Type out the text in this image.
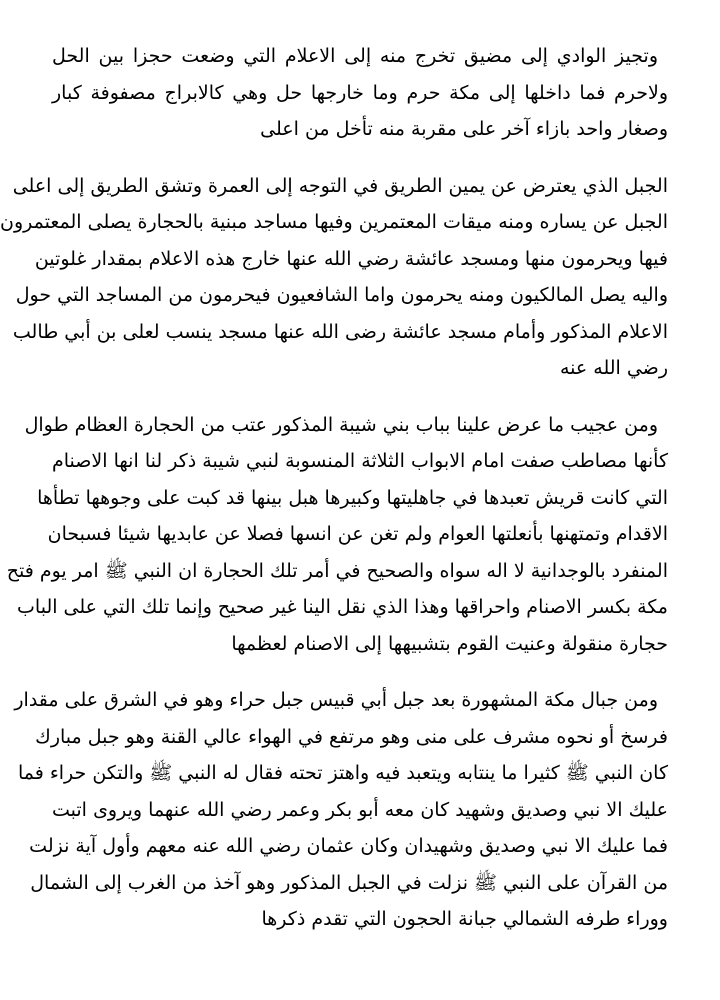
وتجيز الوادي إلى مضيق تخرج منه إلى الاعلام التي وضعت حجزا بين الحل
ولاحرم فما داخلها إلى مكة حرم وما خارجها حل وهي كالابراج مصفوفة كبار
وصغار واحد بازاء آخر على مقربة منه تأخل من اعلى
الجبل الذي يعترض عن يمين الطريق في التوجه إلى العمرة وتشق الطريق إلى اعلى
الجبل عن يساره ومنه ميقات المعتمرين وفيها مساجد مبنية بالحجارة يصلى المعتمرون
فيها ويحرمون منها ومسجد عائشة رضي الله عنها خارج هذه الاعلام بمقدار غلوتين
واليه يصل المالكيون ومنه يحرمون واما الشافعيون فيحرمون من المساجد التي حول
الاعلام المذكور وأمام مسجد عائشة رضى الله عنها مسجد ينسب لعلى بن أبي طالب
رضي الله عنه
ومن عجيب ما عرض علينا بباب بني شيبة المذكور عتب من الحجارة العظام طوال
كأنها مصاطب صفت امام الابواب الثلاثة المنسوبة لنبي شيبة ذكر لنا انها الاصنام
التي كانت قريش تعبدها في جاهليتها وكبيرها هبل بينها قد كبت على وجوهها تطأها
الاقدام وتمتهنها بأنعلتها العوام ولم تغن عن انسها فصلا عن عابديها شيئا فسبحان
المنفرد بالوجدانية لا اله سواه والصحيح في أمر تلك الحجارة ان النبي ﷺ امر يوم فتح
مكة بكسر الاصنام واحراقها وهذا الذي نقل الينا غير صحيح وإنما تلك التي على الباب
حجارة منقولة وعنيت القوم بتشبيهها إلى الاصنام لعظمها
ومن جبال مكة المشهورة بعد جبل أبي قبيس جبل حراء وهو في الشرق على مقدار
فرسخ أو نحوه مشرف على منى وهو مرتفع في الهواء عالي القنة وهو جبل مبارك
كان النبي ﷺ كثيرا ما ينتابه ويتعبد فيه واهتز تحته فقال له النبي ﷺ والتكن حراء فما
عليك الا نبي وصديق وشهيد كان معه أبو بكر وعمر رضي الله عنهما ويروى اتبت
فما عليك الا نبي وصديق وشهيدان وكان عثمان رضي الله عنه معهم وأول آية نزلت
من القرآن على النبي ﷺ نزلت في الجبل المذكور وهو آخذ من الغرب إلى الشمال
ووراء طرفه الشمالي جبانة الحجون التي تقدم ذكرها
